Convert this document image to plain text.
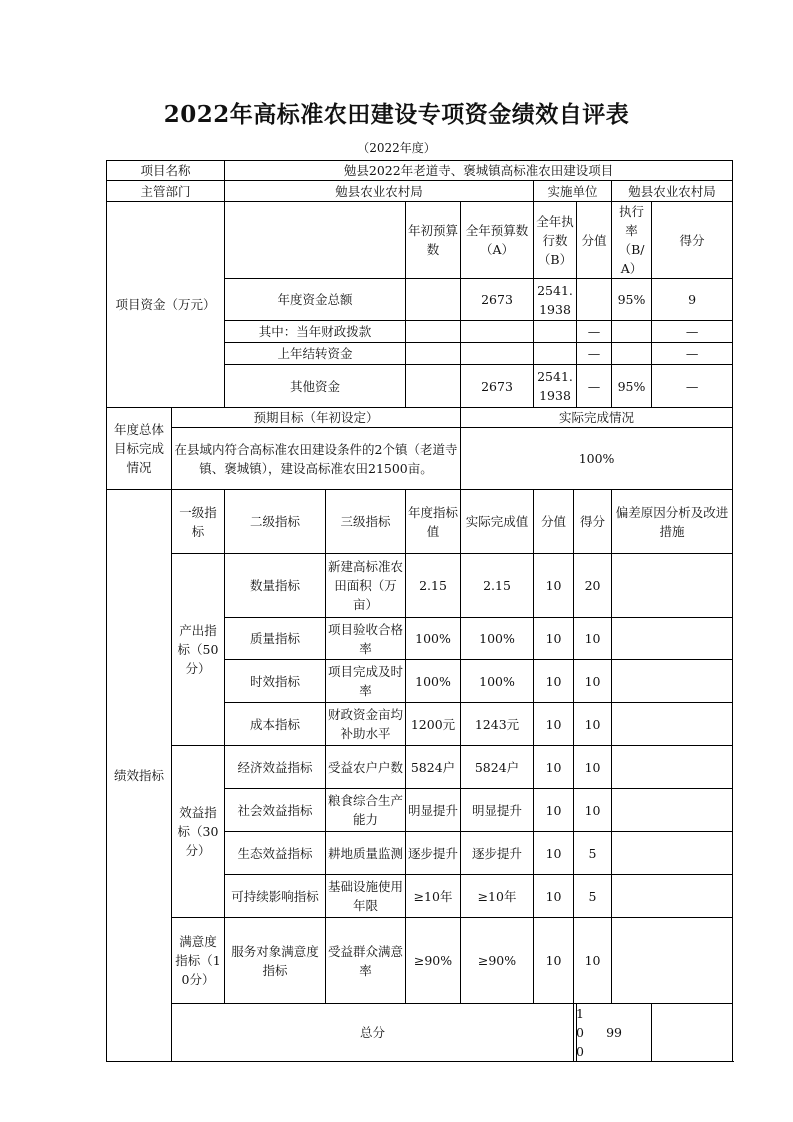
2022年高标准农田建设专项资金绩效自评表
（2022年度）
项目名称		勉县2022年老道寺、褒城镇高标准农田建设项目								
主管部门		勉县农业农村局				实施单位			勉县农业农村局	
项目资金（万元）				年初预算数	全年预算数（A）	全年执行数（B）		分值	执行率（B/A）	得分
		年度资金总额			2673	2541.1938			95%	9
		其中：当年财政拨款						—		—
		上年结转资金						—		—
		其他资金			2673	2541.1938		—	95%	—
年度总体目标完成情况	预期目标（年初设定）				实际完成情况					
	在县域内符合高标准农田建设条件的2个镇（老道寺镇、褒城镇），建设高标准农田21500亩。				100%					
绩效指标	一级指标	二级指标	三级指标	年度指标值	实际完成值	分值	得分		偏差原因分析及改进措施	
	产出指标（50分）	数量指标	新建高标准农田面积（万亩）	2.15	2.15	10	20			
		质量指标	项目验收合格率	100%	100%	10	10			
		时效指标	项目完成及时率	100%	100%	10	10			
		成本指标	财政资金亩均补助水平	1200元	1243元	10	10			
	效益指标（30分）	经济效益指标	受益农户户数	5824户	5824户	10	10			
		社会效益指标	粮食综合生产能力	明显提升	明显提升	10	10			
		生态效益指标	耕地质量监测	逐步提升	逐步提升	10	5			
		可持续影响指标	基础设施使用年限	≥10年	≥10年	10	5			
	满意度指标（10分）	服务对象满意度指标	受益群众满意率	≥90%	≥90%	10	10			
	总分						100	99		
